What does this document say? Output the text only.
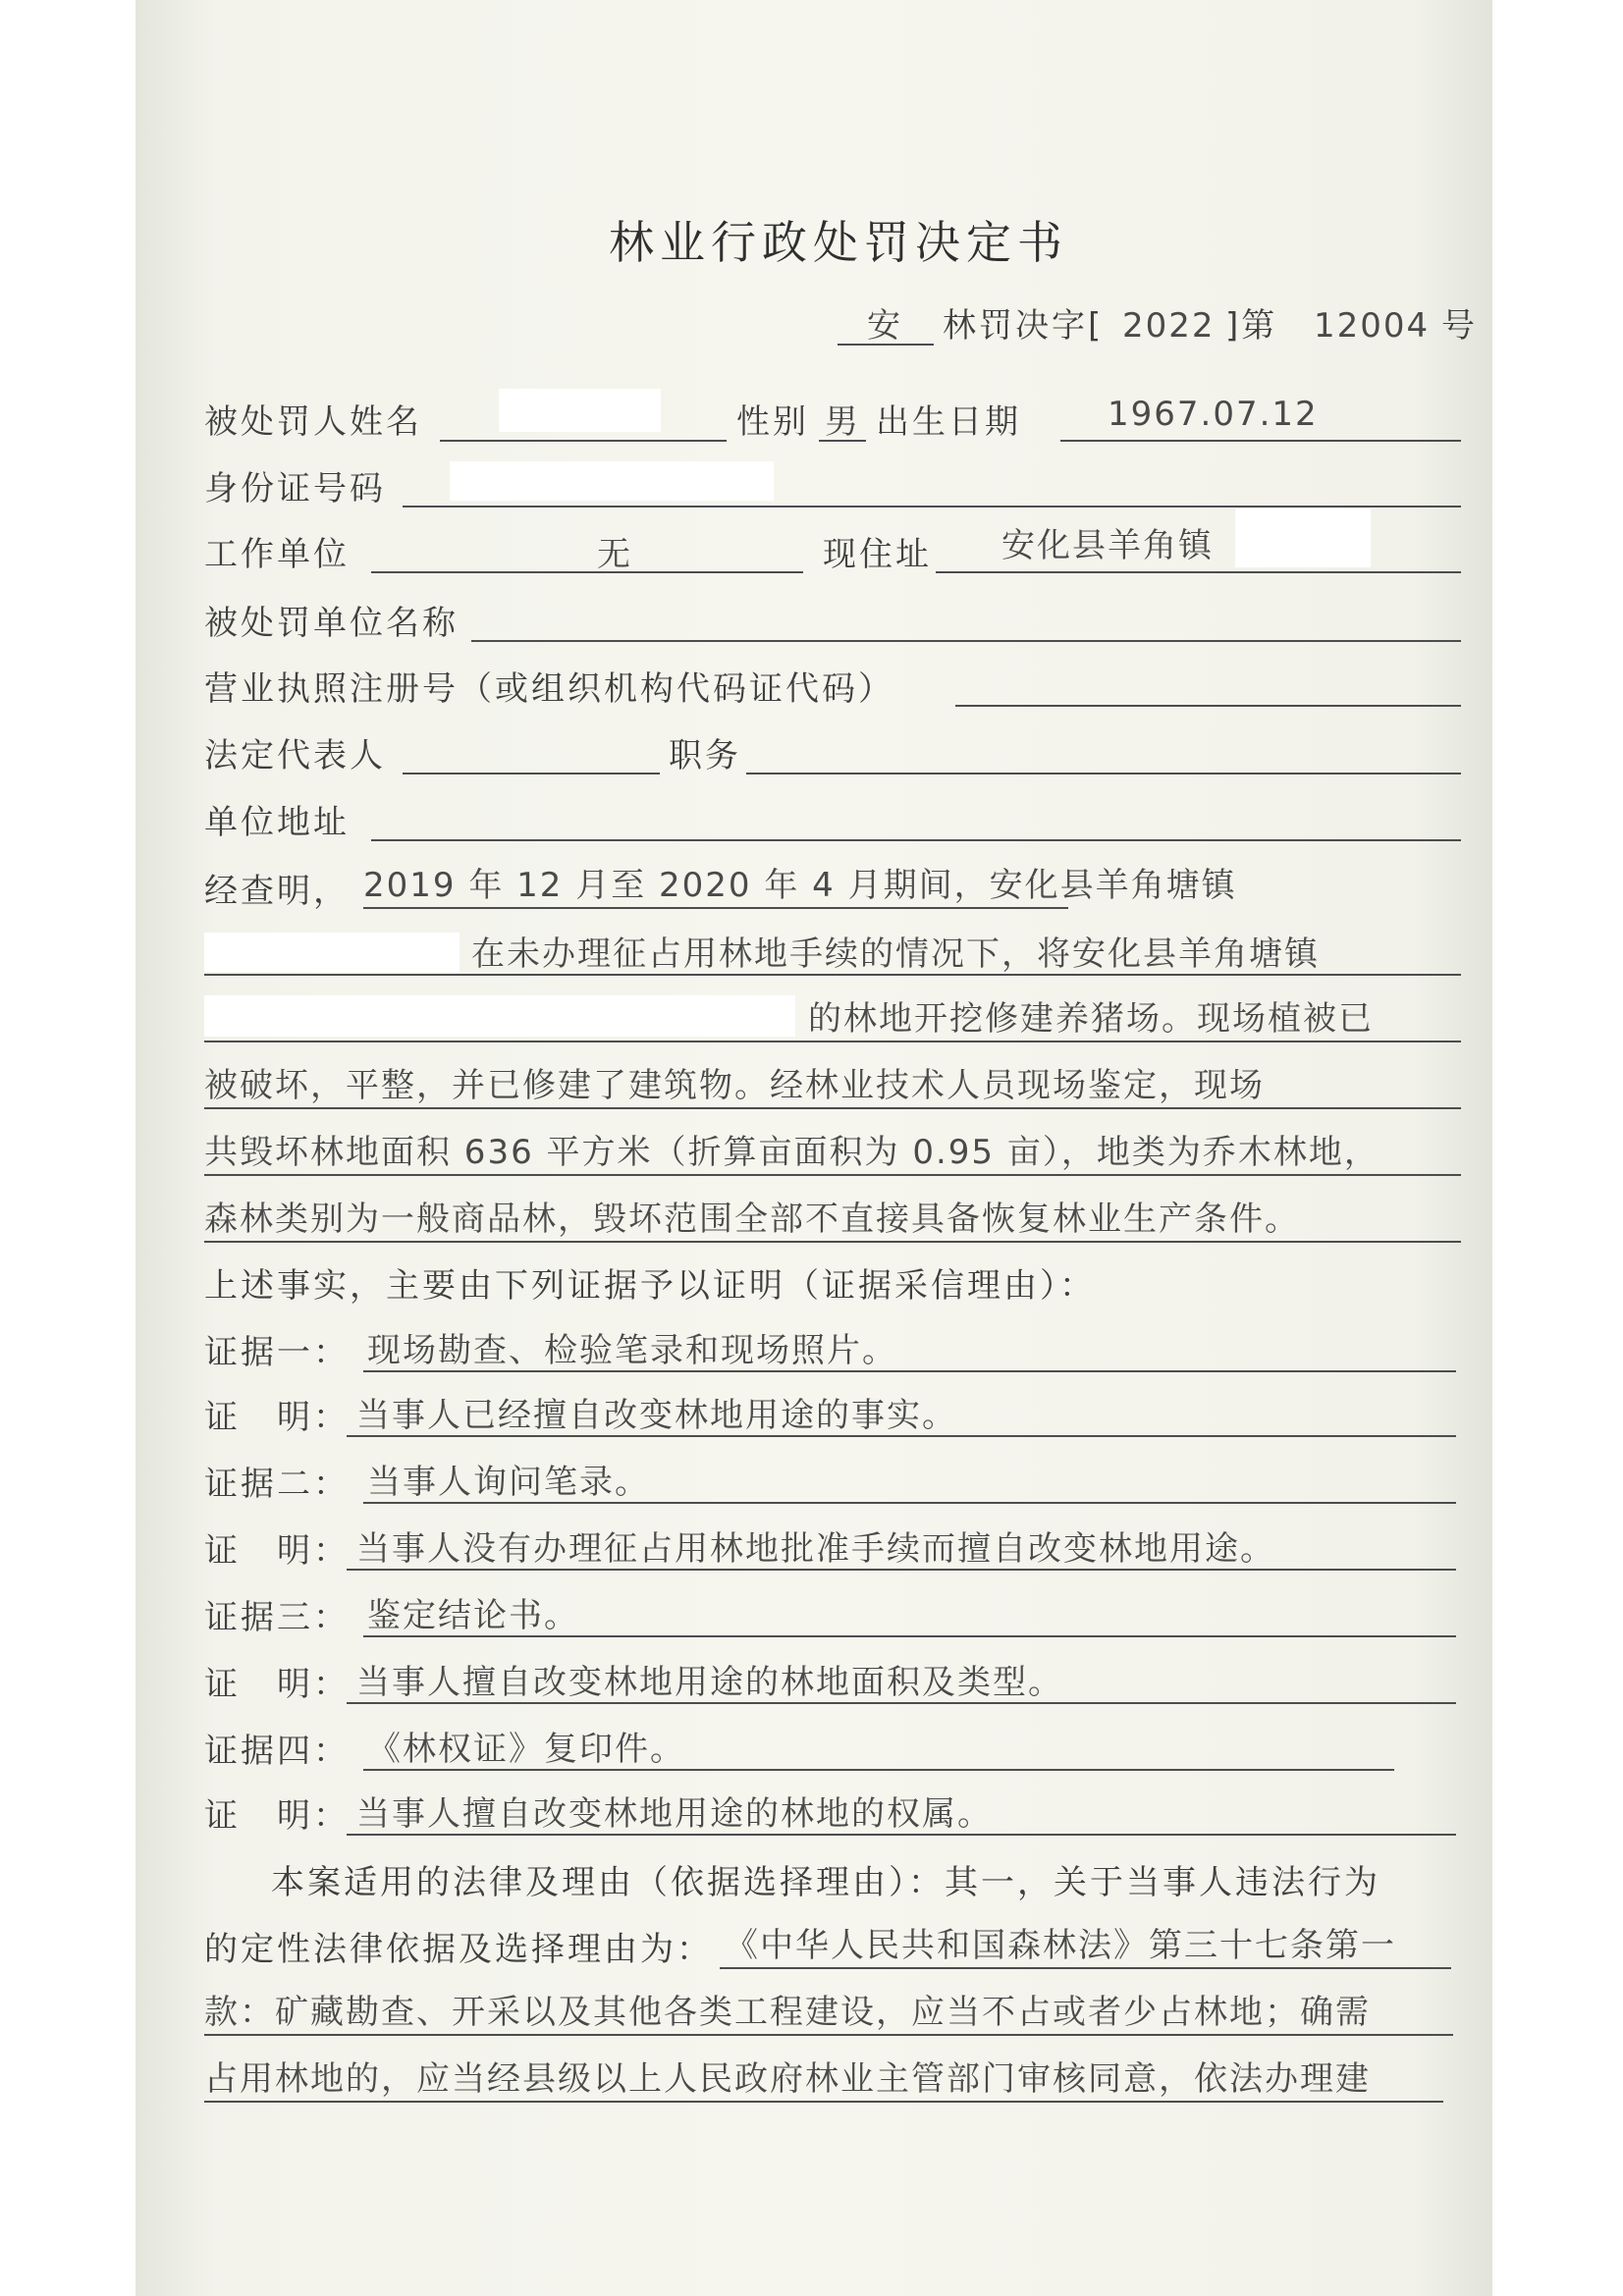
林业行政处罚决定书
安 林罚决字[ 2022 ]第 12004 号
被处罚人姓名	性别 男 出生日期	1967.07.12
身份证号码
工作单位	无	现住址 安化县羊角镇
被处罚单位名称
营业执照注册号（或组织机构代码证代码）
法定代表人	职务
单位地址
经查明， 2019 年 12 月至 2020 年 4 月期间，安化县羊角塘镇
在未办理征占用林地手续的情况下，将安化县羊角塘镇
的林地开挖修建养猪场。现场植被已
被破坏，平整，并已修建了建筑物。经林业技术人员现场鉴定，现场
共毁坏林地面积 636 平方米（折算亩面积为 0.95 亩），地类为乔木林地，
森林类别为一般商品林，毁坏范围全部不直接具备恢复林业生产条件。
上述事实，主要由下列证据予以证明（证据采信理由）：
证据一： 现场勘查、检验笔录和现场照片。
证　明： 当事人已经擅自改变林地用途的事实。
证据二： 当事人询问笔录。
证　明： 当事人没有办理征占用林地批准手续而擅自改变林地用途。
证据三： 鉴定结论书。
证　明： 当事人擅自改变林地用途的林地面积及类型。
证据四： 《林权证》复印件。
证　明： 当事人擅自改变林地用途的林地的权属。
本案适用的法律及理由（依据选择理由）：其一，关于当事人违法行为
的定性法律依据及选择理由为： 《中华人民共和国森林法》第三十七条第一
款：矿藏勘查、开采以及其他各类工程建设，应当不占或者少占林地；确需
占用林地的，应当经县级以上人民政府林业主管部门审核同意，依法办理建
